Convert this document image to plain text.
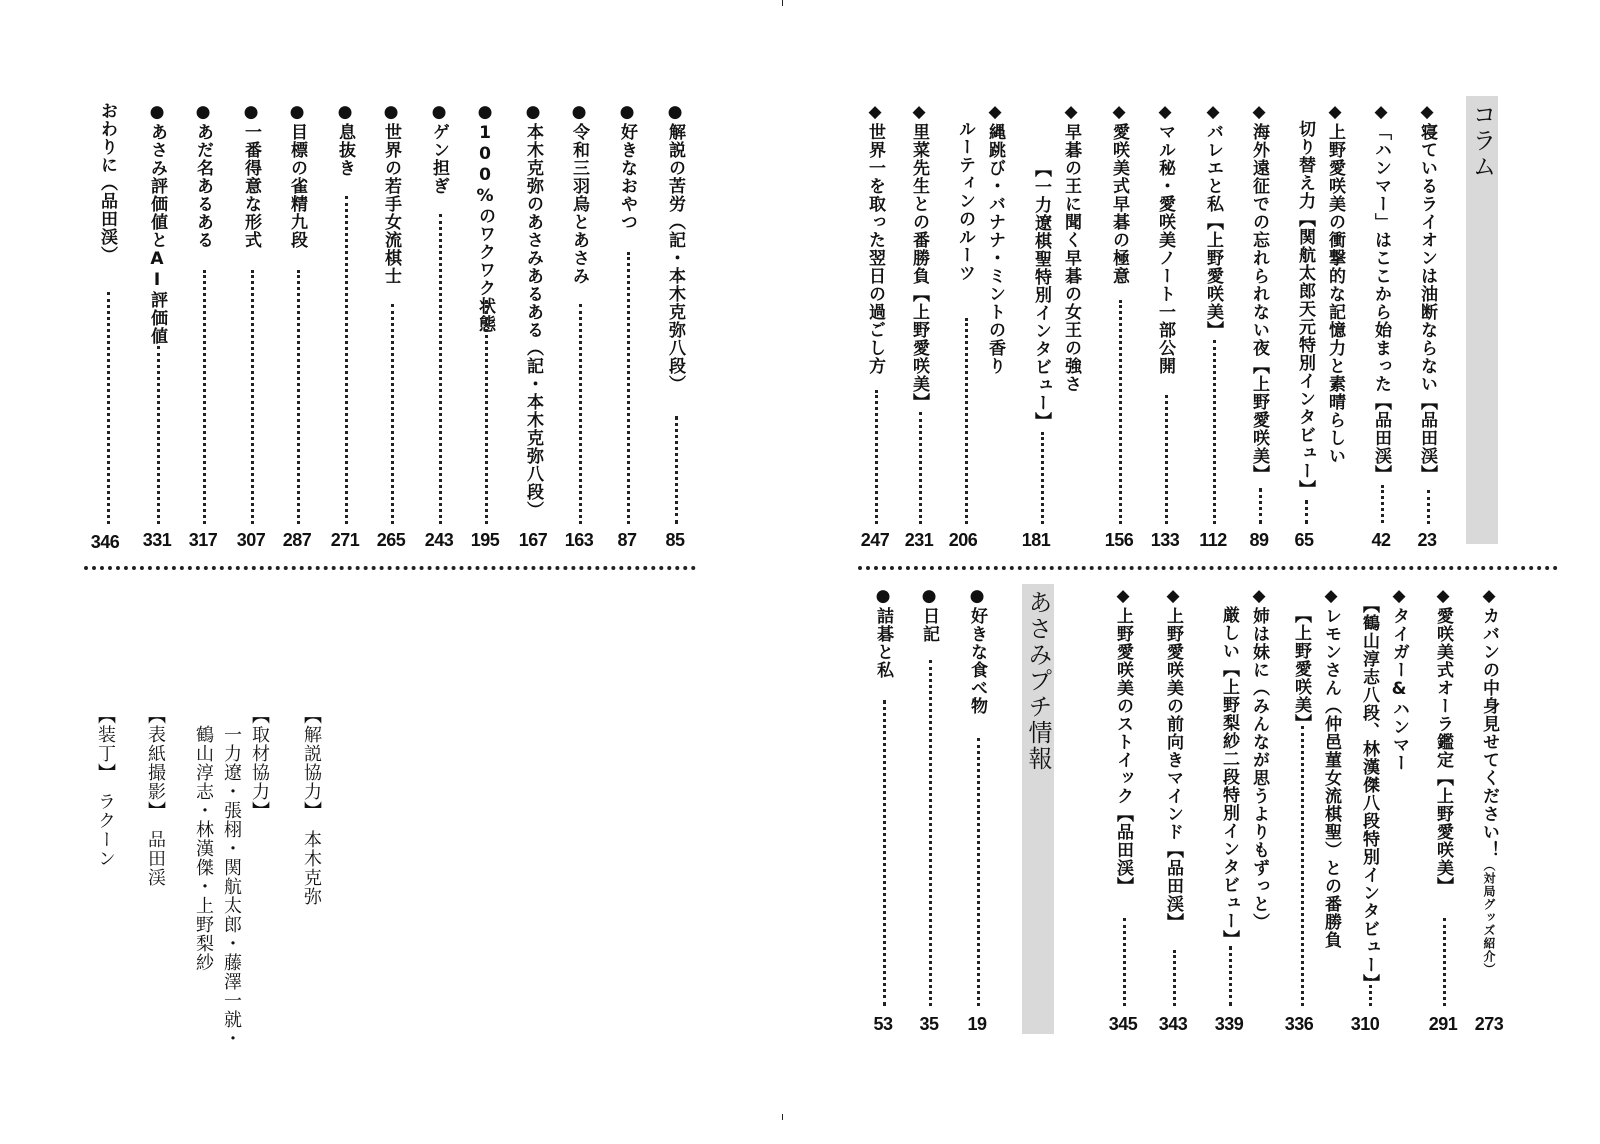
コラム
◆寝ているライオンは油断ならない【品田渓】
23
◆「ハンマー」はここから始まった【品田渓】
42
◆上野愛咲美の衝撃的な記憶力と素晴らしい
切り替え力【関航太郎天元特別インタビュー】
65
◆海外遠征での忘れられない夜【上野愛咲美】
89
◆バレエと私【上野愛咲美】
112
◆マル秘・愛咲美ノート一部公開
133
◆愛咲美式早碁の極意
156
◆早碁の王に聞く早碁の女王の強さ
【一力遼棋聖特別インタビュー】
181
◆縄跳び・バナナ・ミントの香り
ルーティンのルーツ
206
◆里菜先生との番勝負【上野愛咲美】
231
◆世界一を取った翌日の過ごし方
247
◆カバンの中身見せてください！（対局グッズ紹介）
273
◆愛咲美式オーラ鑑定【上野愛咲美】
291
◆タイガー&ハンマー
【鶴山淳志八段、林漢傑八段特別インタビュー】
310
◆レモンさん（仲邑菫女流棋聖）との番勝負
【上野愛咲美】
336
◆姉は妹に（みんなが思うよりもずっと）
厳しい【上野梨紗二段特別インタビュー】
339
◆上野愛咲美の前向きマインド【品田渓】
343
◆上野愛咲美のストイック【品田渓】
345
あさみプチ情報
●好きな食べ物
19
●日記
35
●詰碁と私
53
●解説の苦労（記・本木克弥八段）
85
●好きなおやつ
87
●令和三羽烏とあさみ
163
●本木克弥のあさみあるある（記・本木克弥八段）
167
●100%のワクワク状態
195
●ゲン担ぎ
243
●世界の若手女流棋士
265
●息抜き
271
●目標の雀精九段
287
●一番得意な形式
307
●あだ名あるある
317
●あさみ評価値とAI評価値
331
おわりに（品田渓）
346
【解説協力】　本木克弥
【取材協力】
　一力遼・張栩・関航太郎・藤澤一就・
　鶴山淳志・林漢傑・上野梨紗
【表紙撮影】　品田渓
【装丁】　ラクーン
